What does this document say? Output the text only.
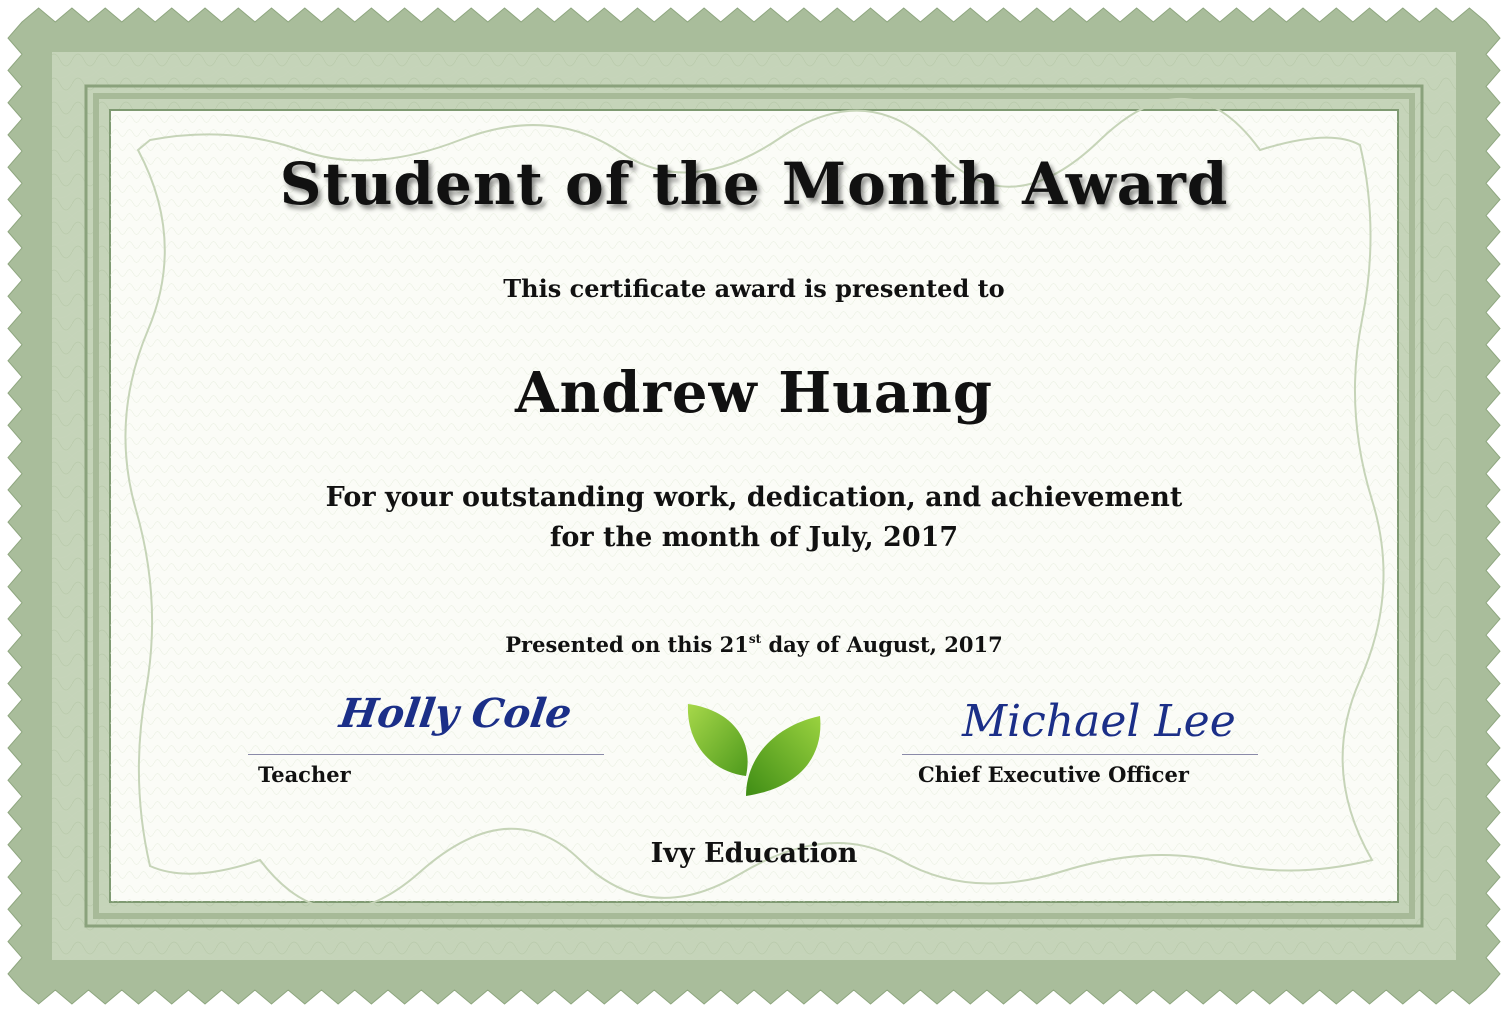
Student of the Month Award
This certificate award is presented to
Andrew Huang
For your outstanding work, dedication, and achievement
for the month of July, 2017
Presented on this 21st day of August, 2017
Holly Cole
Teacher
Michael Lee
Chief Executive Officer
Ivy Education
